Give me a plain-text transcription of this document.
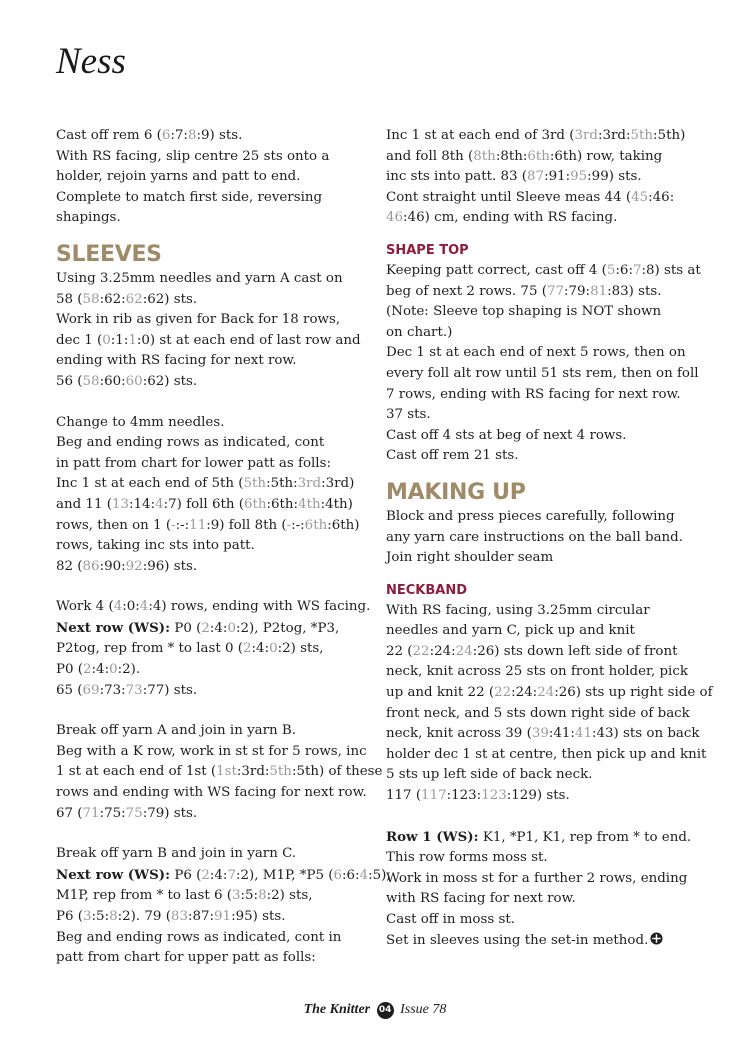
Ness
Cast off rem 6 (6:7:8:9) sts.
With RS facing, slip centre 25 sts onto a
holder, rejoin yarns and patt to end.
Complete to match first side, reversing
shapings.
SLEEVES
Using 3.25mm needles and yarn A cast on
58 (58:62:62:62) sts.
Work in rib as given for Back for 18 rows,
dec 1 (0:1:1:0) st at each end of last row and
ending with RS facing for next row.
56 (58:60:60:62) sts.
Change to 4mm needles.
Beg and ending rows as indicated, cont
in patt from chart for lower patt as folls:
Inc 1 st at each end of 5th (5th:5th:3rd:3rd)
and 11 (13:14:4:7) foll 6th (6th:6th:4th:4th)
rows, then on 1 (-:-:11:9) foll 8th (-:-:6th:6th)
rows, taking inc sts into patt.
82 (86:90:92:96) sts.
Work 4 (4:0:4:4) rows, ending with WS facing.
Next row (WS): P0 (2:4:0:2), P2tog, *P3,
P2tog, rep from * to last 0 (2:4:0:2) sts,
P0 (2:4:0:2).
65 (69:73:73:77) sts.
Break off yarn A and join in yarn B.
Beg with a K row, work in st st for 5 rows, inc
1 st at each end of 1st (1st:3rd:5th:5th) of these
rows and ending with WS facing for next row.
67 (71:75:75:79) sts.
Break off yarn B and join in yarn C.
Next row (WS): P6 (2:4:7:2), M1P, *P5 (6:6:4:5),
M1P, rep from * to last 6 (3:5:8:2) sts,
P6 (3:5:8:2). 79 (83:87:91:95) sts.
Beg and ending rows as indicated, cont in
patt from chart for upper patt as folls:
Inc 1 st at each end of 3rd (3rd:3rd:5th:5th)
and foll 8th (8th:8th:6th:6th) row, taking
inc sts into patt. 83 (87:91:95:99) sts.
Cont straight until Sleeve meas 44 (45:46:
46:46) cm, ending with RS facing.
SHAPE TOP
Keeping patt correct, cast off 4 (5:6:7:8) sts at
beg of next 2 rows. 75 (77:79:81:83) sts.
(Note: Sleeve top shaping is NOT shown
on chart.)
Dec 1 st at each end of next 5 rows, then on
every foll alt row until 51 sts rem, then on foll
7 rows, ending with RS facing for next row.
37 sts.
Cast off 4 sts at beg of next 4 rows.
Cast off rem 21 sts.
MAKING UP
Block and press pieces carefully, following
any yarn care instructions on the ball band.
Join right shoulder seam
NECKBAND
With RS facing, using 3.25mm circular
needles and yarn C, pick up and knit
22 (22:24:24:26) sts down left side of front
neck, knit across 25 sts on front holder, pick
up and knit 22 (22:24:24:26) sts up right side of
front neck, and 5 sts down right side of back
neck, knit across 39 (39:41:41:43) sts on back
holder dec 1 st at centre, then pick up and knit
5 sts up left side of back neck.
117 (117:123:123:129) sts.
Row 1 (WS): K1, *P1, K1, rep from * to end.
This row forms moss st.
Work in moss st for a further 2 rows, ending
with RS facing for next row.
Cast off in moss st.
Set in sleeves using the set-in method.
The Knitter 04 Issue 78
